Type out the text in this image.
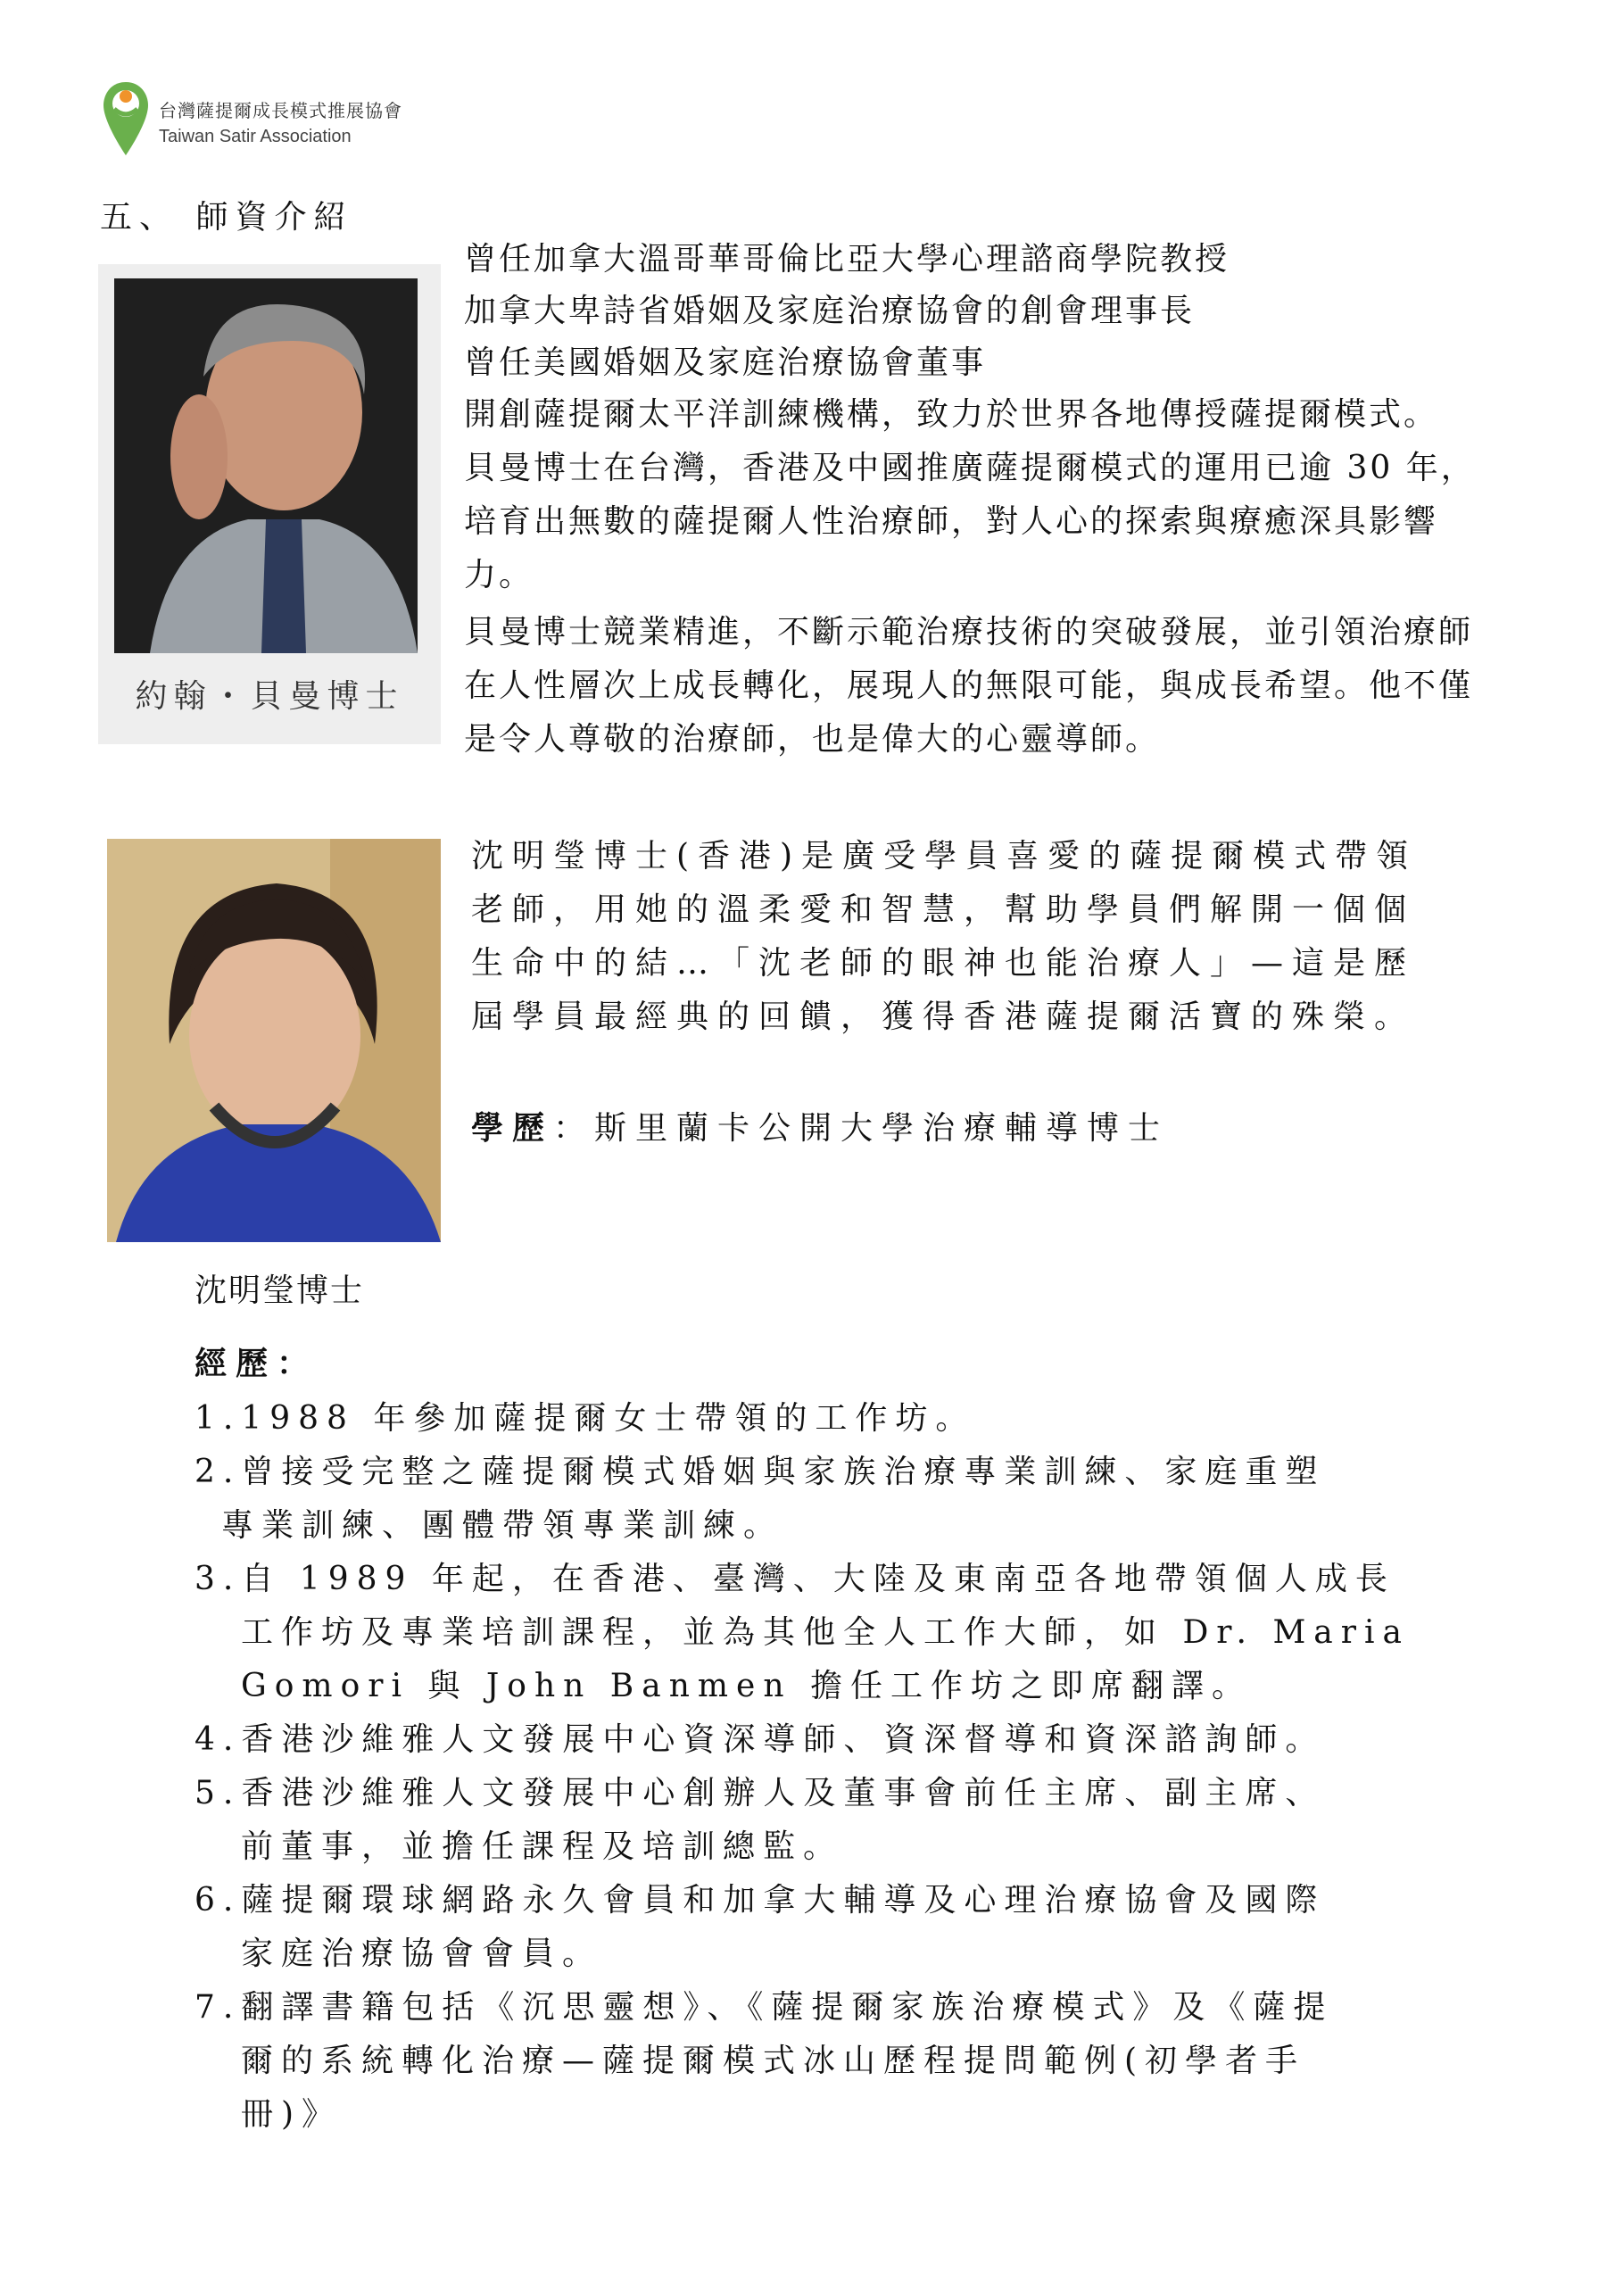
台灣薩提爾成長模式推展協會
Taiwan Satir Association
五、 師資介紹
約翰・貝曼博士
曾任加拿大溫哥華哥倫比亞大學心理諮商學院教授
加拿大卑詩省婚姻及家庭治療協會的創會理事長
曾任美國婚姻及家庭治療協會董事
開創薩提爾太平洋訓練機構，致力於世界各地傳授薩提爾模式。
貝曼博士在台灣，香港及中國推廣薩提爾模式的運用已逾 30 年，
培育出無數的薩提爾人性治療師，對人心的探索與療癒深具影響
力。
貝曼博士競業精進，不斷示範治療技術的突破發展，並引領治療師
在人性層次上成長轉化，展現人的無限可能，與成長希望。他不僅
是令人尊敬的治療師，也是偉大的心靈導師。
沈明瑩博士
沈明瑩博士(香港)是廣受學員喜愛的薩提爾模式帶領
老師，用她的溫柔愛和智慧，幫助學員們解開一個個
生命中的結…「沈老師的眼神也能治療人」—這是歷
屆學員最經典的回饋，獲得香港薩提爾活寶的殊榮。
學歷：斯里蘭卡公開大學治療輔導博士
經歷：
1.1988 年參加薩提爾女士帶領的工作坊。
2.曾接受完整之薩提爾模式婚姻與家族治療專業訓練、家庭重塑
專業訓練、團體帶領專業訓練。
3.自 1989 年起，在香港、臺灣、大陸及東南亞各地帶領個人成長
工作坊及專業培訓課程，並為其他全人工作大師，如 Dr. Maria
Gomori 與 John Banmen 擔任工作坊之即席翻譯。
4.香港沙維雅人文發展中心資深導師、資深督導和資深諮詢師。
5.香港沙維雅人文發展中心創辦人及董事會前任主席、副主席、
前董事，並擔任課程及培訓總監。
6.薩提爾環球網路永久會員和加拿大輔導及心理治療協會及國際
家庭治療協會會員。
7.翻譯書籍包括《沉思靈想》、《薩提爾家族治療模式》及《薩提
爾的系統轉化治療—薩提爾模式冰山歷程提問範例(初學者手
冊)》
